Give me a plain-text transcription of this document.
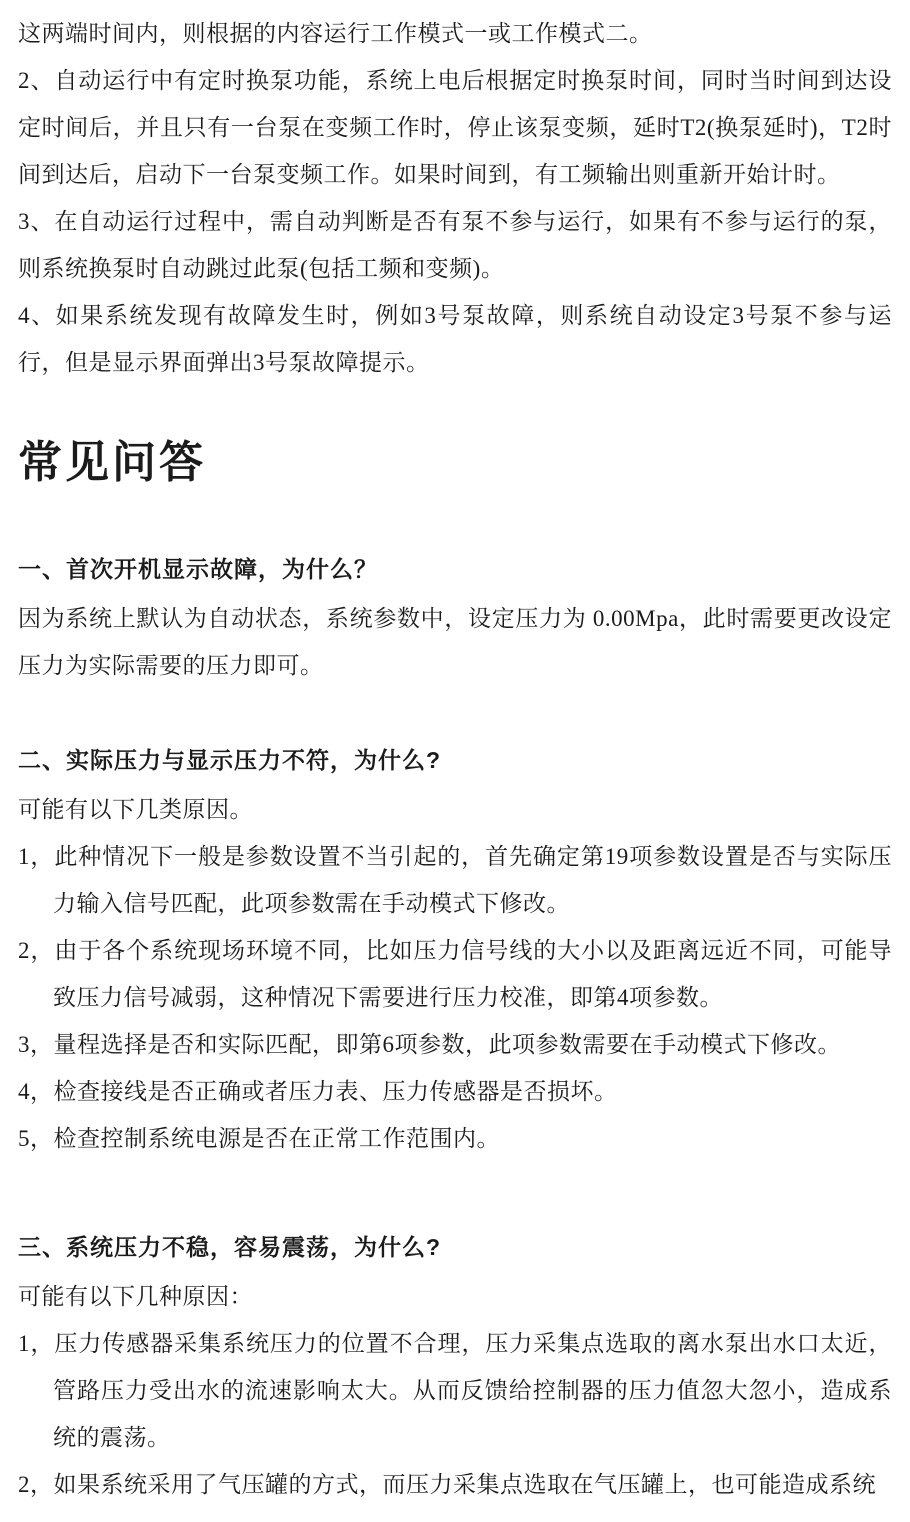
这两端时间内，则根据的内容运行工作模式一或工作模式二。

2、自动运行中有定时换泵功能，系统上电后根据定时换泵时间，同时当时间到达设定时间后，并且只有一台泵在变频工作时，停止该泵变频，延时T2(换泵延时)，T2时间到达后，启动下一台泵变频工作。如果时间到，有工频输出则重新开始计时。

3、在自动运行过程中，需自动判断是否有泵不参与运行，如果有不参与运行的泵，则系统换泵时自动跳过此泵(包括工频和变频)。

4、如果系统发现有故障发生时，例如3号泵故障，则系统自动设定3号泵不参与运行，但是显示界面弹出3号泵故障提示。

常见问答
一、首次开机显示故障，为什么？

因为系统上默认为自动状态，系统参数中，设定压力为 0.00Mpa，此时需要更改设定压力为实际需要的压力即可。

二、实际压力与显示压力不符，为什么?

可能有以下几类原因。

1，此种情况下一般是参数设置不当引起的，首先确定第19项参数设置是否与实际压力输入信号匹配，此项参数需在手动模式下修改。

2，由于各个系统现场环境不同，比如压力信号线的大小以及距离远近不同，可能导致压力信号减弱，这种情况下需要进行压力校准，即第4项参数。

3，量程选择是否和实际匹配，即第6项参数，此项参数需要在手动模式下修改。

4，检查接线是否正确或者压力表、压力传感器是否损坏。

5，检查控制系统电源是否在正常工作范围内。

三、系统压力不稳，容易震荡，为什么?

可能有以下几种原因：

1，压力传感器采集系统压力的位置不合理，压力采集点选取的离水泵出水口太近，管路压力受出水的流速影响太大。从而反馈给控制器的压力值忽大忽小，造成系统的震荡。

2，如果系统采用了气压罐的方式，而压力采集点选取在气压罐上，也可能造成系统
